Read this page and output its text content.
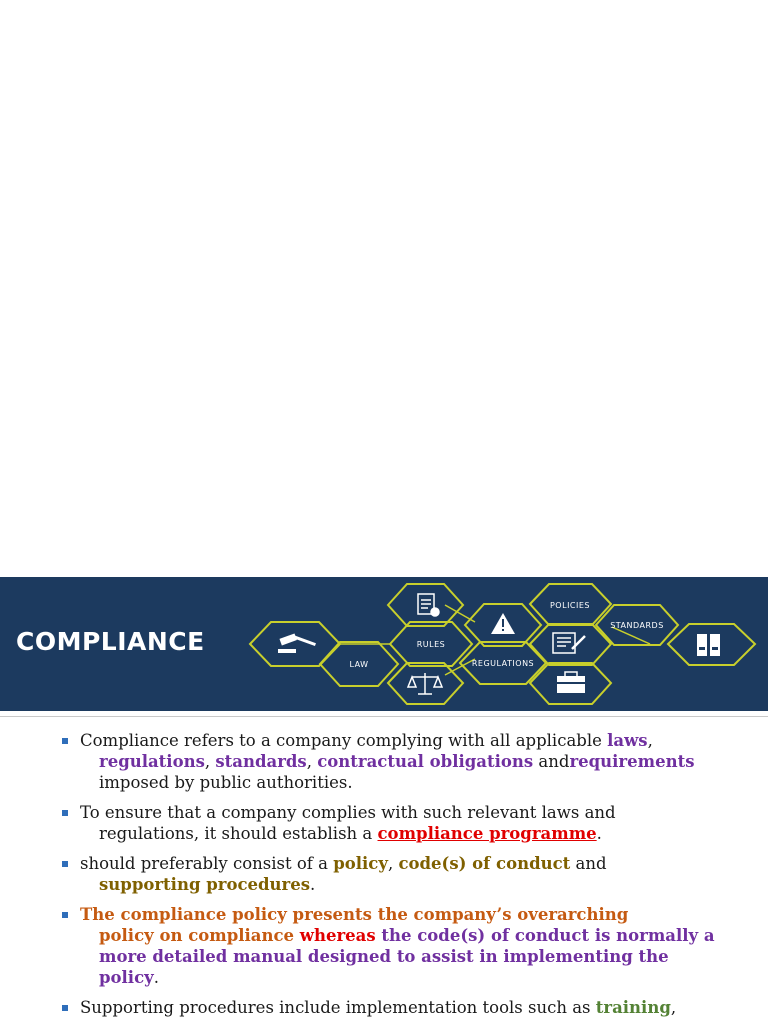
LAW
RULES
REGULATIONS
POLICIES
STANDARDS
COMPLIANCE
Compliance refers to a company complying with all applicable laws,
regulations, standards, contractual obligations andrequirements imposed by public authorities.
To ensure that a company complies with such relevant laws and
regulations, it should establish a compliance programme.
should preferably consist of a policy, code(s) of conduct and
supporting procedures.
The compliance policy presents the company’s overarching
policy on compliance whereas the code(s) of conduct is normally a more detailed manual designed to assist in implementing the policy.
Supporting procedures include implementation tools such as training,
